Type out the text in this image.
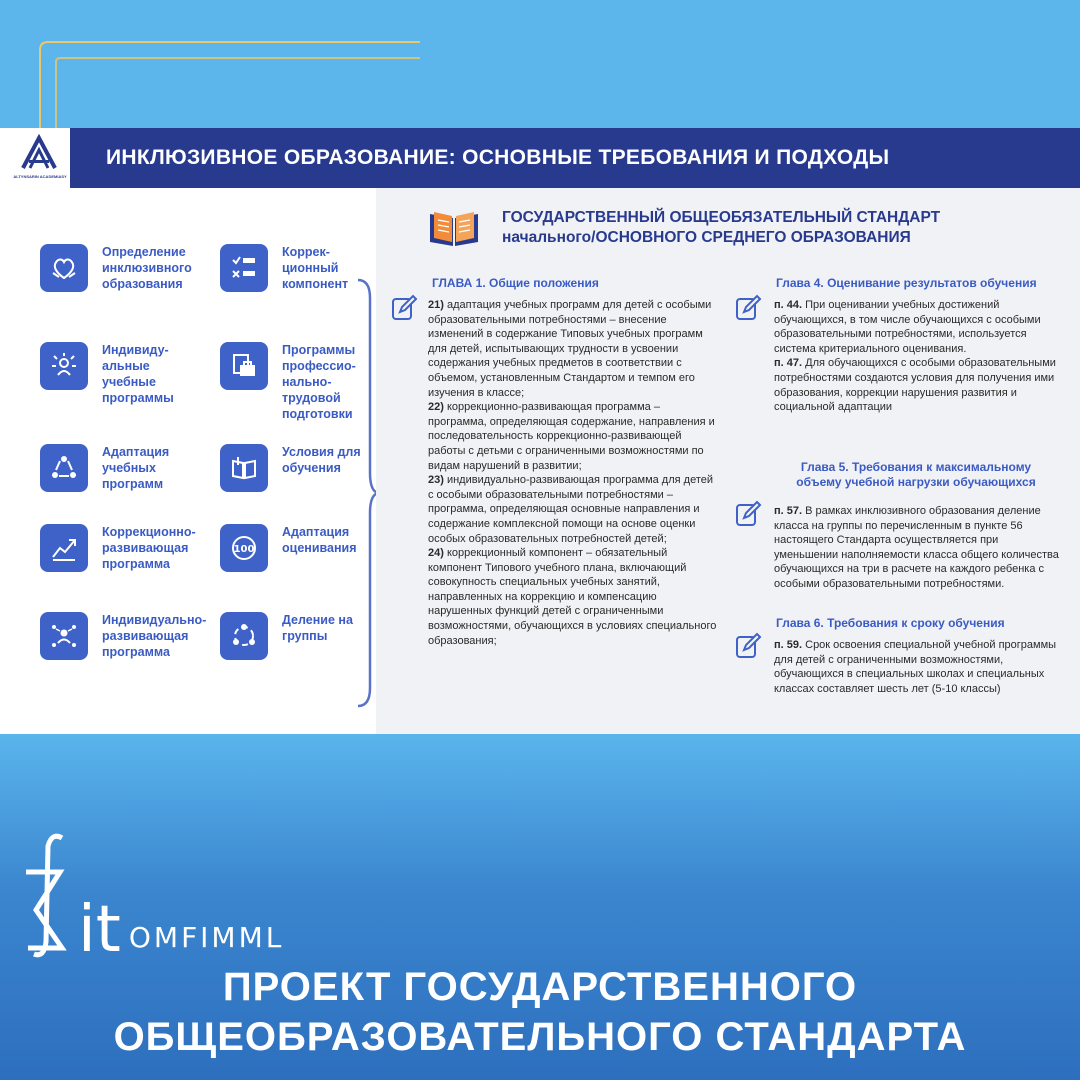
ALTYNSARIN ACADEMIASY
ИНКЛЮЗИВНОЕ ОБРАЗОВАНИЕ: ОСНОВНЫЕ ТРЕБОВАНИЯ И ПОДХОДЫ
Определение
инклюзивного
образования
Индивиду-
альные
учебные
программы
Адаптация
учебных
программ
Коррекционно-
развивающая
программа
Индивидуально-
развивающая
программа
Коррек-
ционный
компонент
Программы
профессио-
нально-
трудовой
подготовки
Условия для
обучения
100
Адаптация
оценивания
Деление на
группы
ГОСУДАРСТВЕННЫЙ ОБЩЕОБЯЗАТЕЛЬНЫЙ СТАНДАРТ
начального/ОСНОВНОГО СРЕДНЕГО ОБРАЗОВАНИЯ
ГЛАВА 1. Общие положения
21) адаптация учебных программ для детей с особыми образовательными потребностями – внесение изменений в содержание Типовых учебных программ для детей, испытывающих трудности в усвоении содержания учебных предметов в соответствии с объемом, установленным Стандартом и темпом его изучения в классе;
22) коррекционно-развивающая программа – программа, определяющая содержание, направления и последовательность коррекционно-развивающей работы с детьми с ограниченными возможностями по видам нарушений в развитии;
23) индивидуально-развивающая программа для детей с особыми образовательными потребностями – программа, определяющая основные направления и содержание комплексной помощи на основе оценки особых образовательных потребностей детей;
24) коррекционный компонент – обязательный компонент Типового учебного плана, включающий совокупность специальных учебных занятий, направленных на коррекцию и компенсацию нарушенных функций детей с ограниченными возможностями, обучающихся в условиях специального образования;
Глава 4. Оценивание результатов обучения
п. 44. При оценивании учебных достижений обучающихся, в том числе обучающихся с особыми образовательными потребностями, используется система критериального оценивания.
п. 47. Для обучающихся с особыми образовательными потребностями создаются условия для получения ими образования, коррекции нарушения развития и социальной адаптации
Глава 5. Требования к максимальному
объему учебной нагрузки обучающихся
п. 57. В рамках инклюзивного образования деление класса на группы по перечисленным в пункте 56 настоящего Стандарта осуществляется при уменьшении наполняемости класса общего количества обучающихся на три в расчете на каждого ребенка с особыми образовательными потребностями.
Глава 6. Требования к сроку обучения
п. 59. Срок освоения специальной учебной программы для детей с ограниченными возможностями, обучающихся в специальных школах и специальных классах составляет шесть лет (5-10 классы)
it OMFIMML
ПРОЕКТ ГОСУДАРСТВЕННОГО
ОБЩЕОБРАЗОВАТЕЛЬНОГО СТАНДАРТА
